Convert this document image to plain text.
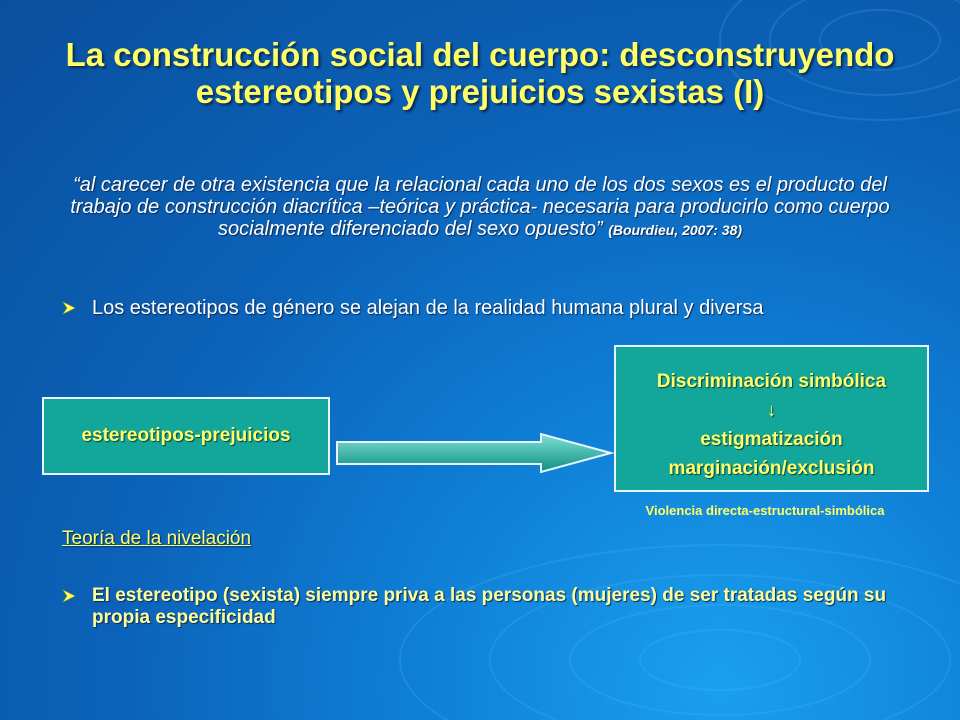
La construcción social del cuerpo: desconstruyendo estereotipos y prejuicios sexistas (I)
“al carecer de otra existencia que la relacional cada uno de los dos sexos es el producto del trabajo de construcción diacrítica –teórica y práctica- necesaria para producirlo como cuerpo socialmente diferenciado del sexo opuesto” (Bourdieu, 2007: 38)
Los estereotipos de género se alejan de la realidad humana plural y diversa
estereotipos-prejuicios
Discriminación simbólica
↓
estigmatización
marginación/exclusión
Violencia directa-estructural-simbólica
Teoría de la nivelación
El estereotipo (sexista) siempre priva a las personas (mujeres) de ser tratadas según su propia especificidad
